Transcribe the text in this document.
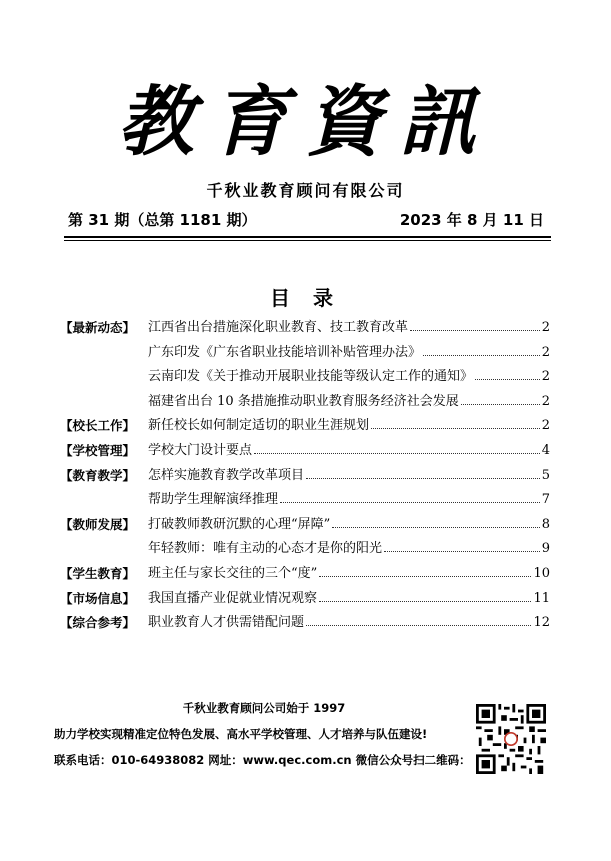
教育資訊
千秋业教育顾问有限公司
第 31 期（总第 1181 期）	2023 年 8 月 11 日
目 录
【最新动态】 江西省出台措施深化职业教育、技工教育改革	2
广东印发《广东省职业技能培训补贴管理办法》	2
云南印发《关于推动开展职业技能等级认定工作的通知》	2
福建省出台 10 条措施推动职业教育服务经济社会发展	2
【校长工作】 新任校长如何制定适切的职业生涯规划	2
【学校管理】 学校大门设计要点	4
【教育教学】 怎样实施教育教学改革项目	5
帮助学生理解演绎推理	7
【教师发展】 打破教师教研沉默的心理“屏障”	8
年轻教师：唯有主动的心态才是你的阳光	9
【学生教育】 班主任与家长交往的三个“度”	10
【市场信息】 我国直播产业促就业情况观察	11
【综合参考】 职业教育人才供需错配问题	12
千秋业教育顾问公司始于 1997
助力学校实现精准定位特色发展、高水平学校管理、人才培养与队伍建设!
联系电话：010-64938082 网址：www.qec.com.cn 微信公众号扫二维码：
